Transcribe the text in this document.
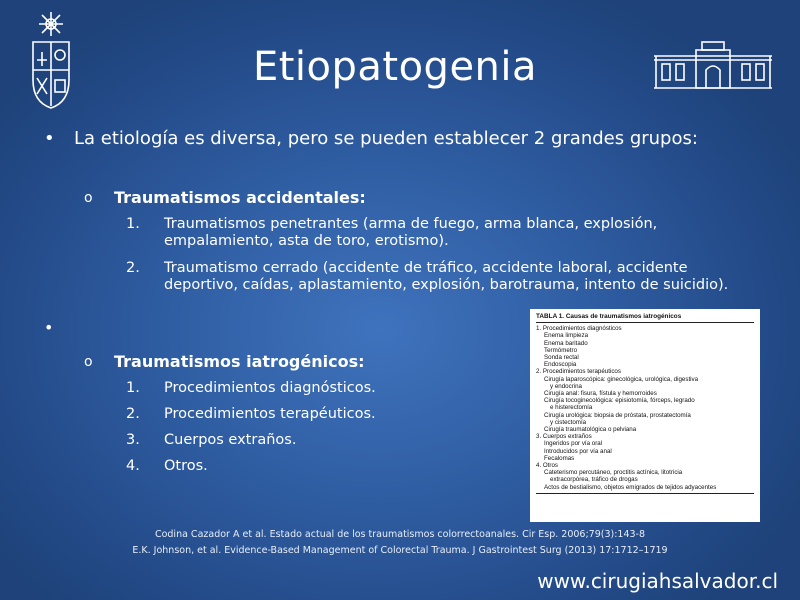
Etiopatogenia
• La etiología es diversa, pero se pueden establecer 2 grandes grupos:
o Traumatismos accidentales:
1. Traumatismos penetrantes (arma de fuego, arma blanca, explosión, empalamiento, asta de toro, erotismo).
2. Traumatismo cerrado (accidente de tráfico, accidente laboral, accidente deportivo, caídas, aplastamiento, explosión, barotrauma, intento de suicidio).
•
o Traumatismos iatrogénicos:
1. Procedimientos diagnósticos.
2. Procedimientos terapéuticos.
3. Cuerpos extraños.
4. Otros.
TABLA 1. Causas de traumatismos iatrogénicos
1. Procedimientos diagnósticos
Enema limpieza
Enema baritado
Termómetro
Sonda rectal
Endoscopia
2. Procedimientos terapéuticos
Cirugía laparoscópica: ginecológica, urológica, digestiva
y endocrina
Cirugía anal: fisura, fístula y hemorroides
Cirugía tocoginecológica: episiotomía, fórceps, legrado
e histerectomía
Cirugía urológica: biopsia de próstata, prostatectomía
y cistectomía
Cirugía traumatológica o pelviana
3. Cuerpos extraños
Ingeridos por vía oral
Introducidos por vía anal
Fecalomas
4. Otros
Cateterismo percutáneo, proctitis actínica, litotricia
extracorpórea, tráfico de drogas
Actos de bestialismo, objetos emigrados de tejidos adyacentes
Codina Cazador A et al. Estado actual de los traumatismos colorrectoanales. Cir Esp. 2006;79(3):143-8
E.K. Johnson, et al. Evidence-Based Management of Colorectal Trauma. J Gastrointest Surg (2013) 17:1712–1719
www.cirugiahsalvador.cl
